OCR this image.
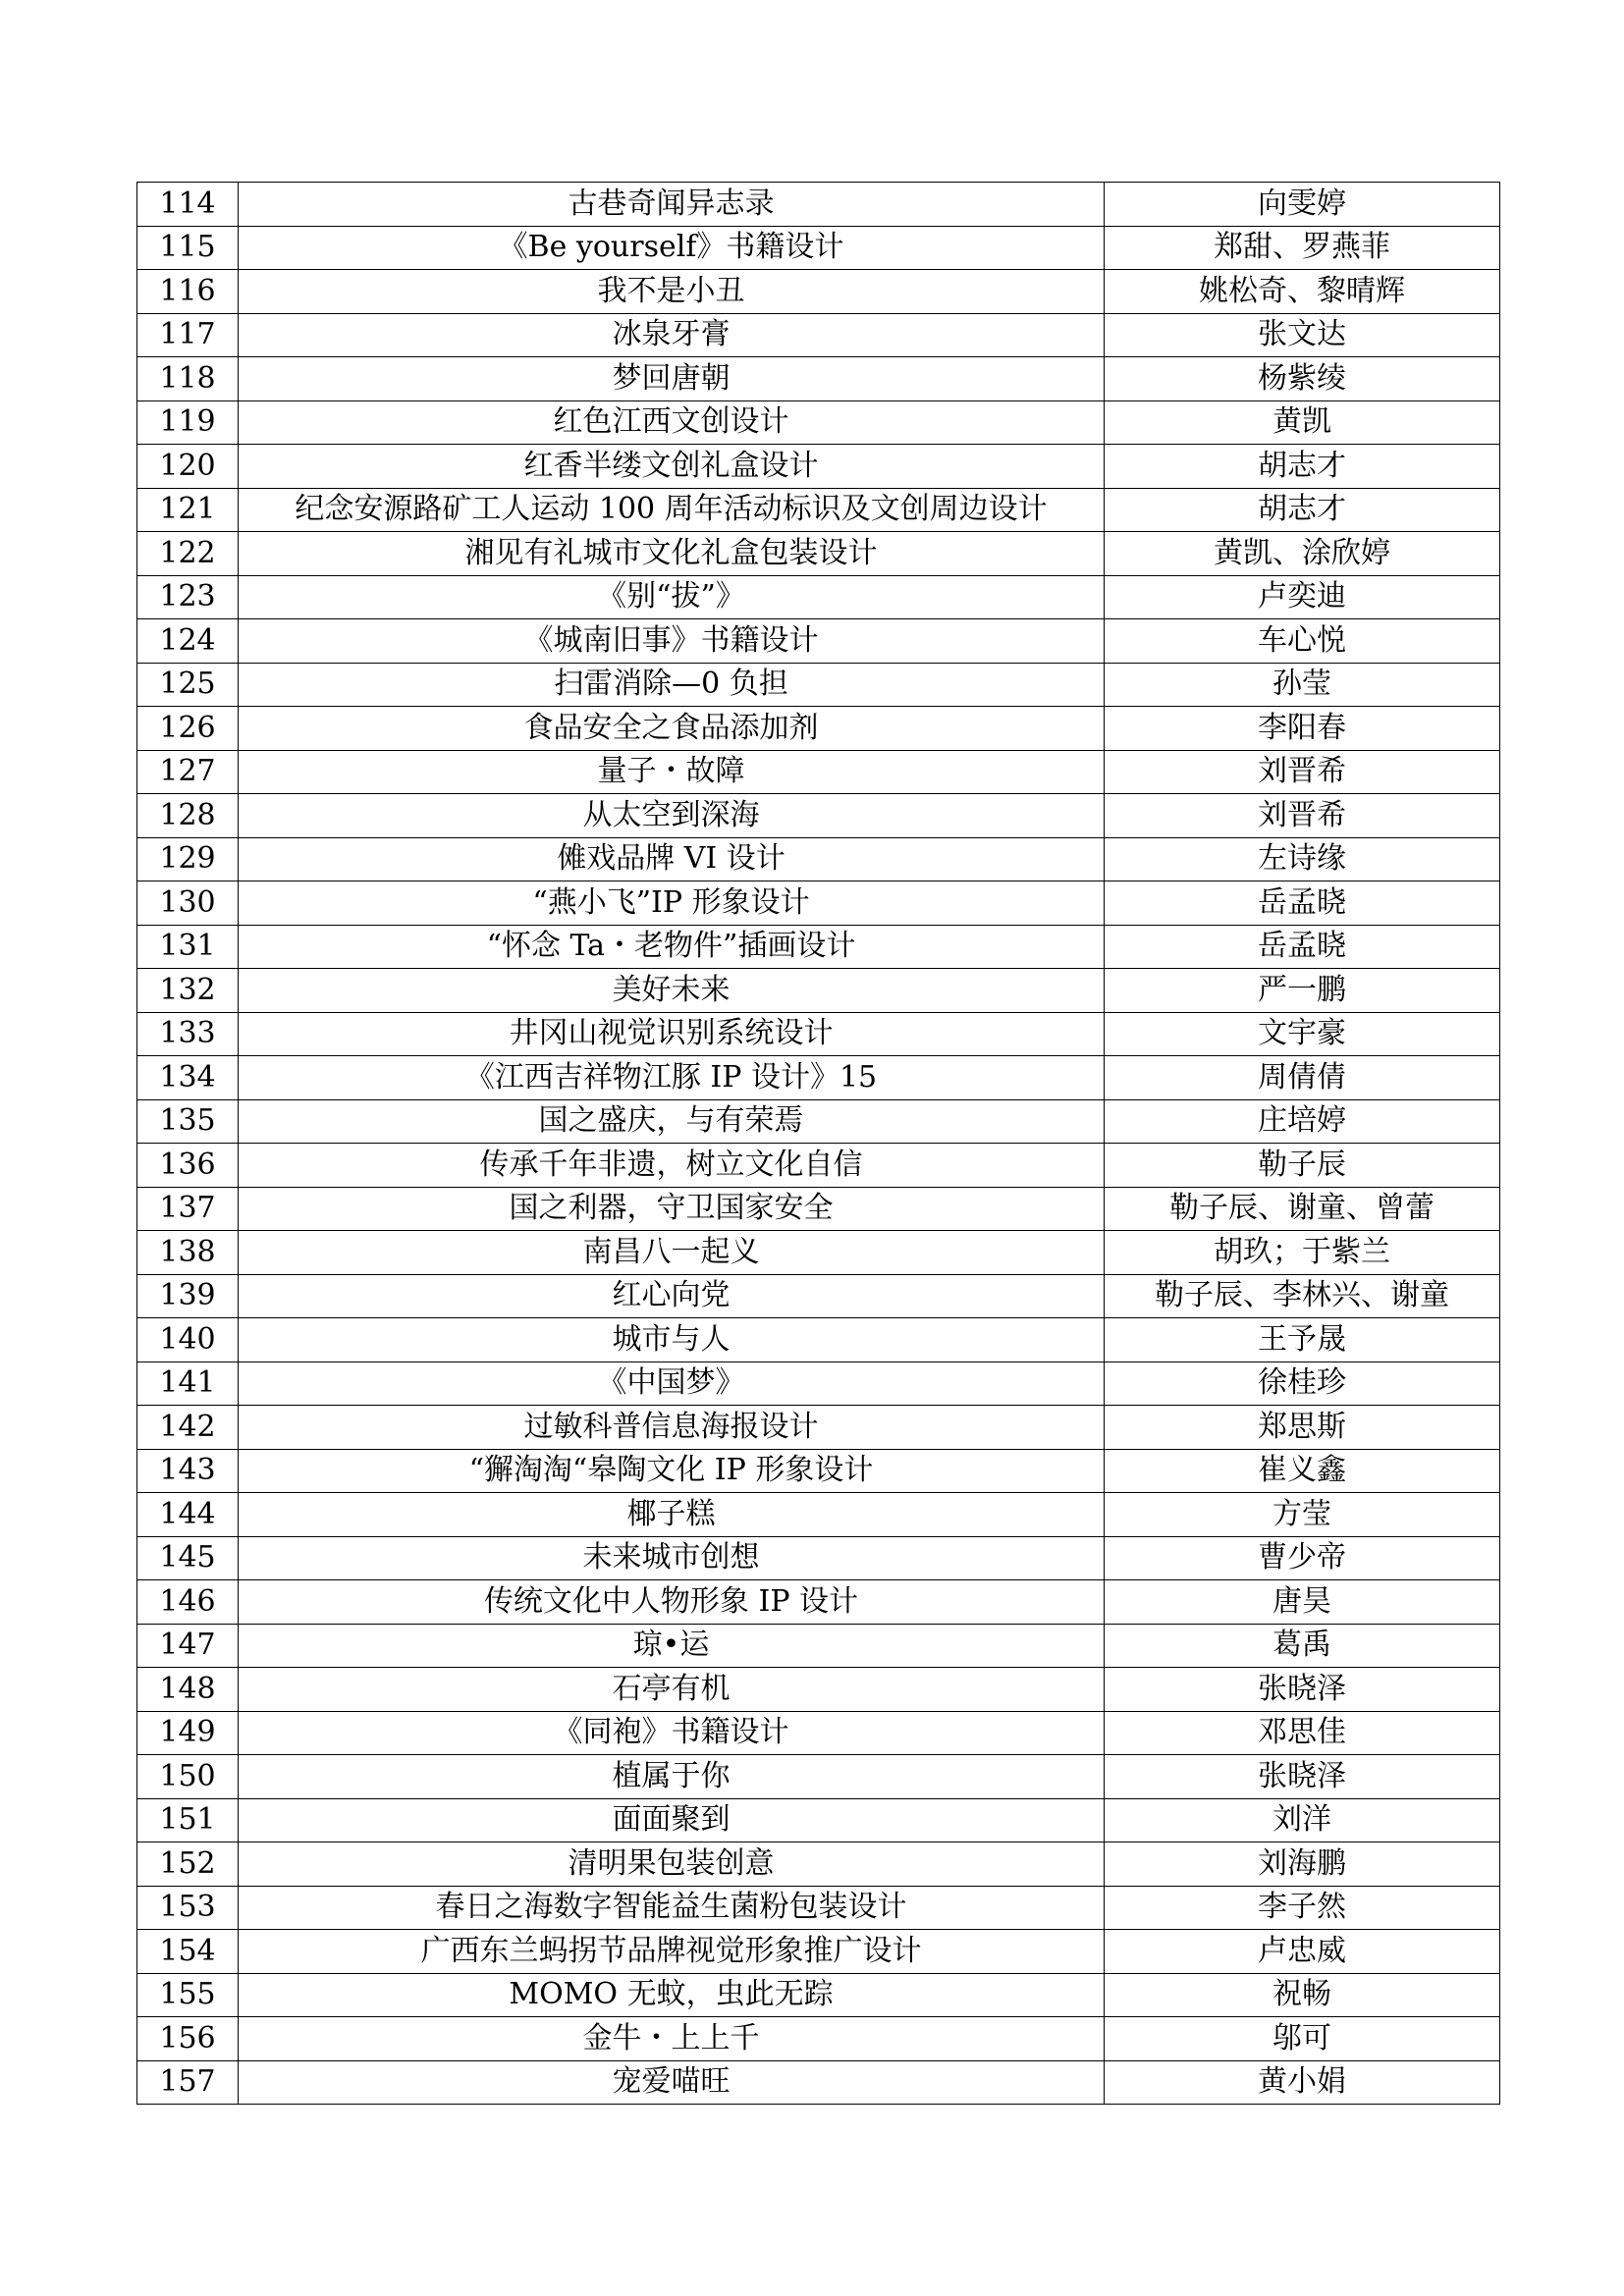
114	古巷奇闻异志录	向雯婷
115	《Be yourself》书籍设计	郑甜、罗燕菲
116	我不是小丑	姚松奇、黎晴辉
117	冰泉牙膏	张文达
118	梦回唐朝	杨紫绫
119	红色江西文创设计	黄凯
120	红香半缕文创礼盒设计	胡志才
121	纪念安源路矿工人运动 100 周年活动标识及文创周边设计	胡志才
122	湘见有礼城市文化礼盒包装设计	黄凯、涂欣婷
123	《别“拔”》	卢奕迪
124	《城南旧事》书籍设计	车心悦
125	扫雷消除—0 负担	孙莹
126	食品安全之食品添加剂	李阳春
127	量子・故障	刘晋希
128	从太空到深海	刘晋希
129	傩戏品牌 VI 设计	左诗缘
130	“燕小飞”IP 形象设计	岳孟晓
131	“怀念 Ta・老物件”插画设计	岳孟晓
132	美好未来	严一鹏
133	井冈山视觉识别系统设计	文宇豪
134	《江西吉祥物江豚 IP 设计》15	周倩倩
135	国之盛庆，与有荣焉	庄培婷
136	传承千年非遗，树立文化自信	勒子辰
137	国之利器，守卫国家安全	勒子辰、谢童、曾蕾
138	南昌八一起义	胡玖；于紫兰
139	红心向党	勒子辰、李林兴、谢童
140	城市与人	王予晟
141	《中国梦》	徐桂珍
142	过敏科普信息海报设计	郑思斯
143	“獬淘淘“皋陶文化 IP 形象设计	崔义鑫
144	椰子糕	方莹
145	未来城市创想	曹少帝
146	传统文化中人物形象 IP 设计	唐昊
147	琼•运	葛禹
148	石亭有机	张晓泽
149	《同袍》书籍设计	邓思佳
150	植属于你	张晓泽
151	面面聚到	刘洋
152	清明果包装创意	刘海鹏
153	春日之海数字智能益生菌粉包装设计	李子然
154	广西东兰蚂拐节品牌视觉形象推广设计	卢忠威
155	MOMO 无蚊，虫此无踪	祝畅
156	金牛・上上千	邬可
157	宠爱喵旺	黄小娟
